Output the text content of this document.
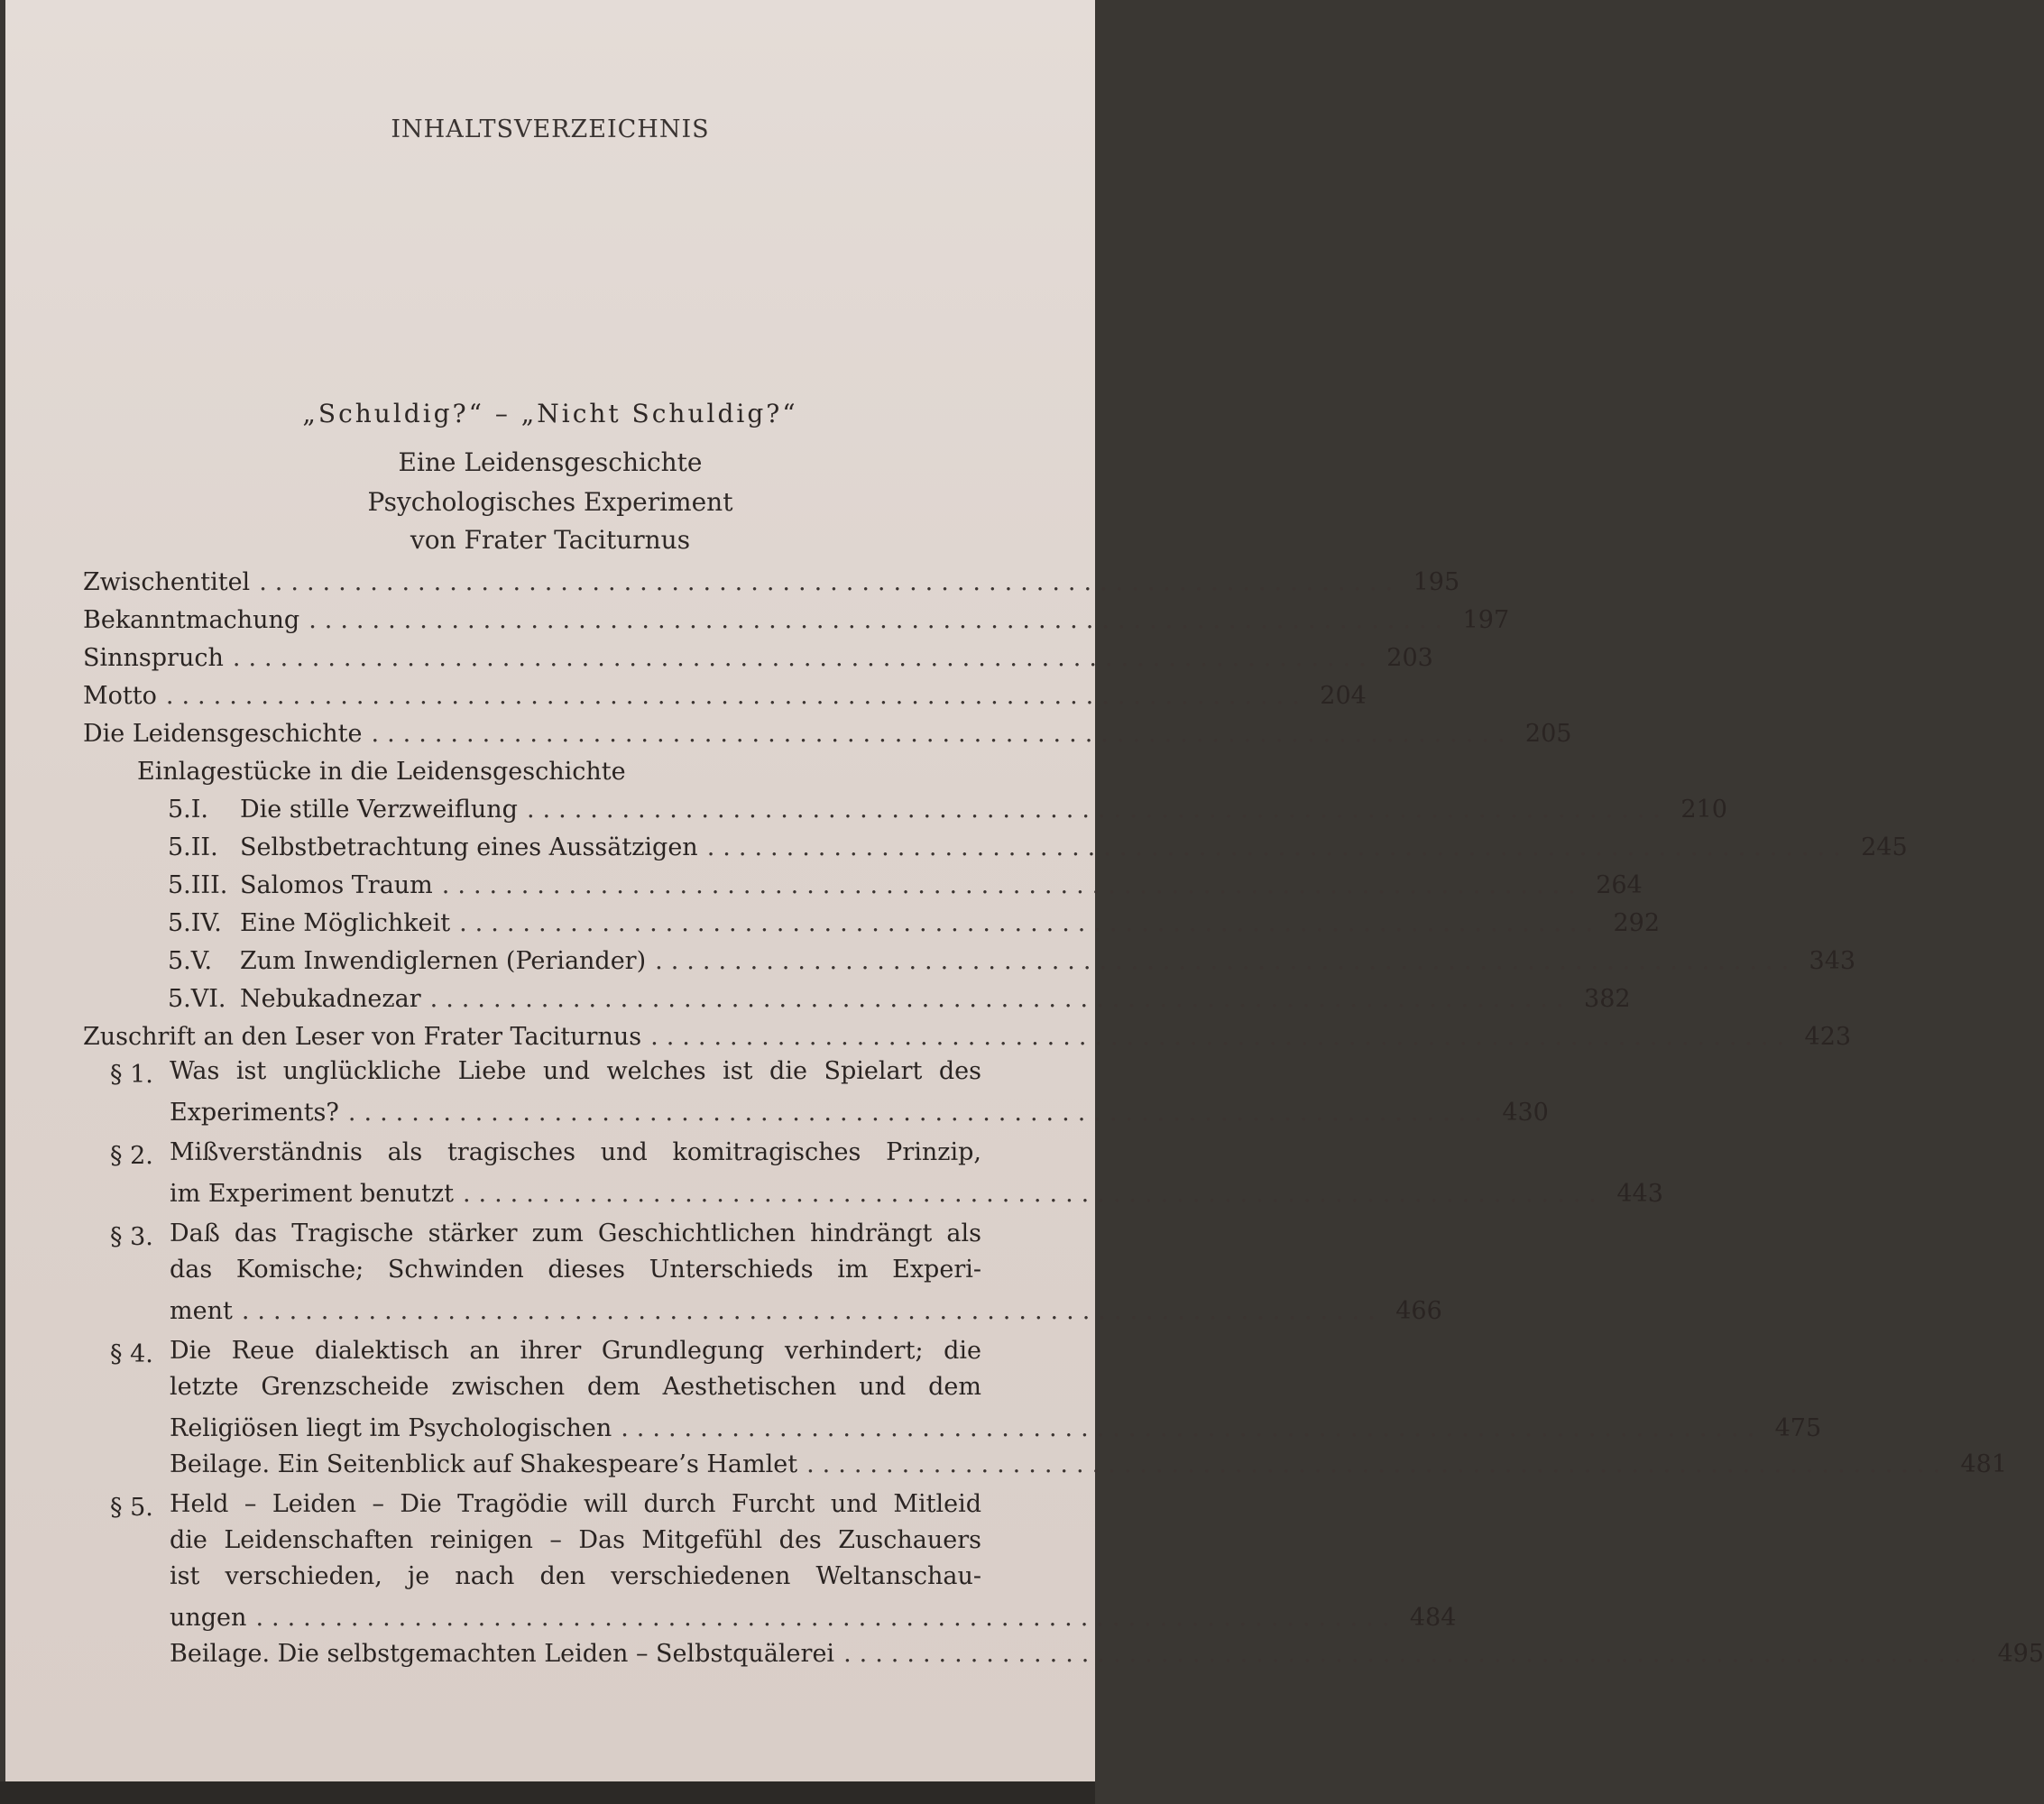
INHALTSVERZEICHNIS
„Schuldig?“ – „Nicht Schuldig?“
Eine Leidensgeschichte
Psychologisches Experiment
von Frater Taciturnus
Zwischentitel ........................................................................ 195
Bekanntmachung ........................................................................ 197
Sinnspruch ........................................................................ 203
Motto ........................................................................ 204
Die Leidensgeschichte ........................................................................ 205
Einlagestücke in die Leidensgeschichte
5.I. Die stille Verzweiflung ........................................................................ 210
5.II. Selbstbetrachtung eines Aussätzigen ........................................................................ 245
5.III. Salomos Traum ........................................................................ 264
5.IV. Eine Möglichkeit ........................................................................ 292
5.V. Zum Inwendiglernen (Periander) ........................................................................ 343
5.VI. Nebukadnezar ........................................................................ 382
Zuschrift an den Leser von Frater Taciturnus ........................................................................ 423
§ 1. Was ist unglückliche Liebe und welches ist die Spielart des
Experiments? ........................................................................ 430
§ 2. Mißverständnis als tragisches und komitragisches Prinzip,
im Experiment benutzt ........................................................................ 443
§ 3. Daß das Tragische stärker zum Geschichtlichen hindrängt als
das Komische; Schwinden dieses Unterschieds im Experi-
ment ........................................................................ 466
§ 4. Die Reue dialektisch an ihrer Grundlegung verhindert; die
letzte Grenzscheide zwischen dem Aesthetischen und dem
Religiösen liegt im Psychologischen ........................................................................ 475
Beilage. Ein Seitenblick auf Shakespeare’s Hamlet ........................................................................ 481
§ 5. Held – Leiden – Die Tragödie will durch Furcht und Mitleid
die Leidenschaften reinigen – Das Mitgefühl des Zuschauers
ist verschieden, je nach den verschiedenen Weltanschau-
ungen ........................................................................ 484
Beilage. Die selbstgemachten Leiden – Selbstquälerei ........................................................................ 495
